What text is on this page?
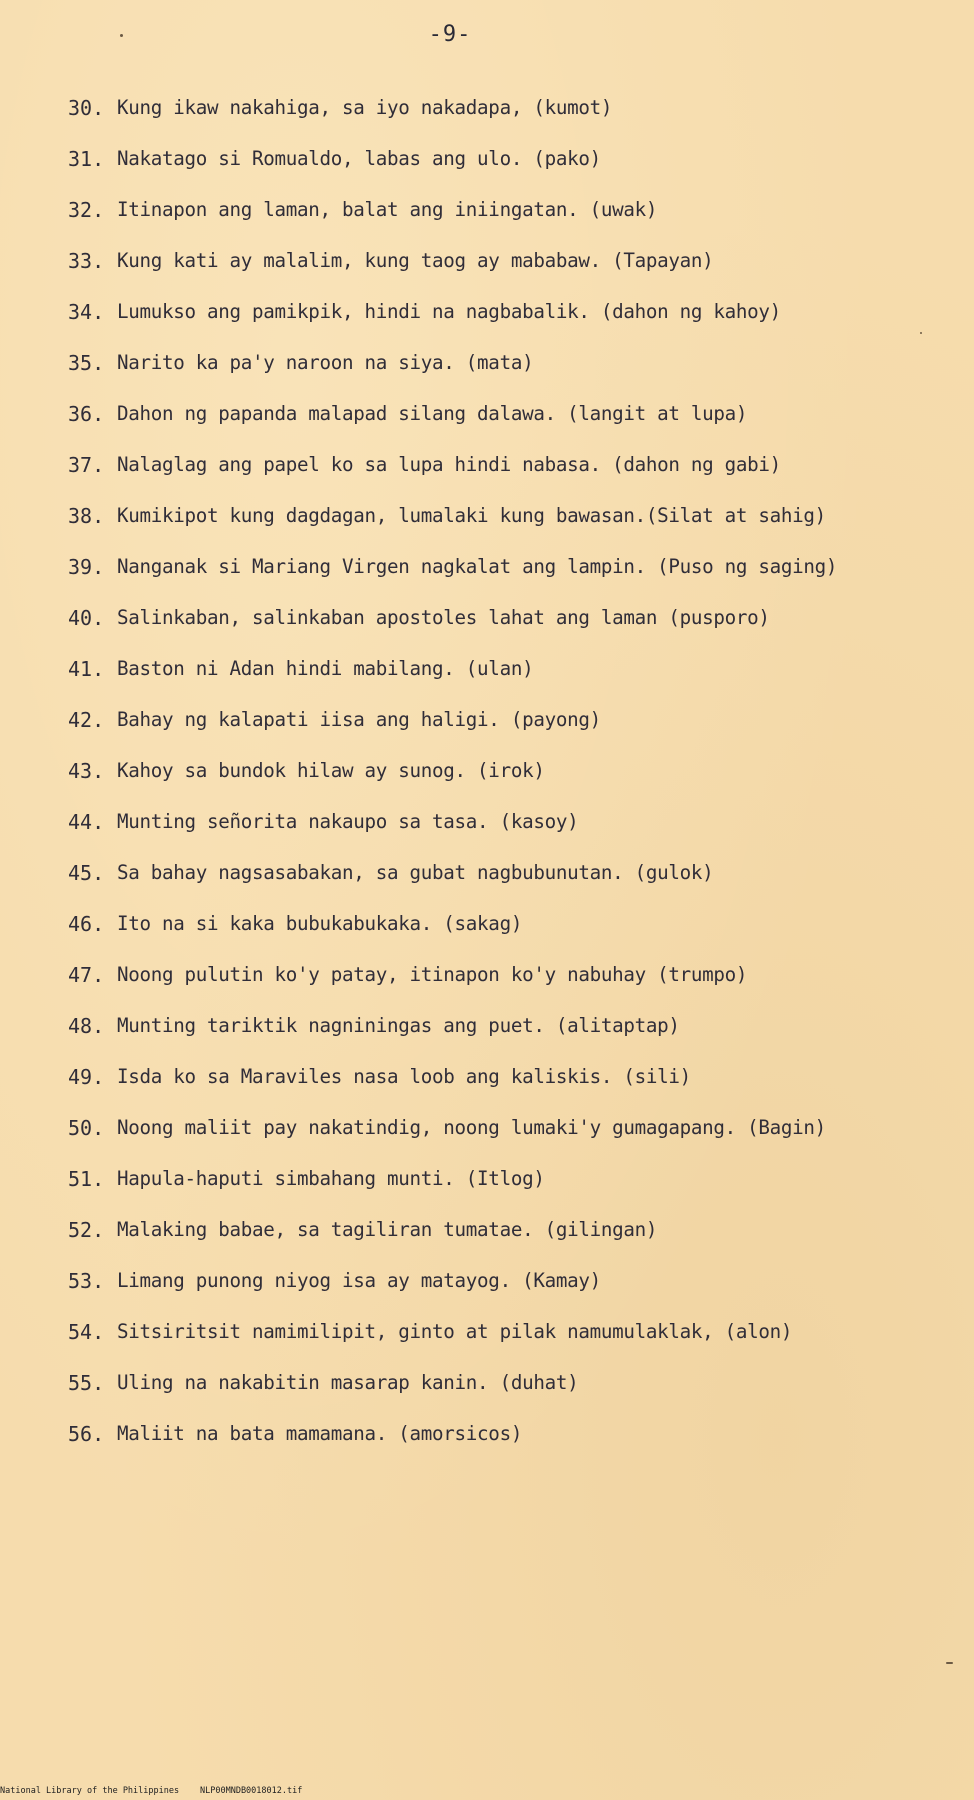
-9-
30. Kung ikaw nakahiga, sa iyo nakadapa, (kumot)
31. Nakatago si Romualdo, labas ang ulo. (pako)
32. Itinapon ang laman, balat ang iniingatan. (uwak)
33. Kung kati ay malalim, kung taog ay mababaw. (Tapayan)
34. Lumukso ang pamikpik, hindi na nagbabalik. (dahon ng kahoy)
35. Narito ka pa'y naroon na siya. (mata)
36. Dahon ng papanda malapad silang dalawa. (langit at lupa)
37. Nalaglag ang papel ko sa lupa hindi nabasa. (dahon ng gabi)
38. Kumikipot kung dagdagan, lumalaki kung bawasan.(Silat at sahig)
39. Nanganak si Mariang Virgen nagkalat ang lampin. (Puso ng saging)
40. Salinkaban, salinkaban apostoles lahat ang laman (pusporo)
41. Baston ni Adan hindi mabilang. (ulan)
42. Bahay ng kalapati iisa ang haligi. (payong)
43. Kahoy sa bundok hilaw ay sunog. (irok)
44. Munting señorita nakaupo sa tasa. (kasoy)
45. Sa bahay nagsasabakan, sa gubat nagbubunutan. (gulok)
46. Ito na si kaka bubukabukaka. (sakag)
47. Noong pulutin ko'y patay, itinapon ko'y nabuhay (trumpo)
48. Munting tariktik nagniningas ang puet. (alitaptap)
49. Isda ko sa Maraviles nasa loob ang kaliskis. (sili)
50. Noong maliit pay nakatindig, noong lumaki'y gumagapang. (Bagin)
51. Hapula-haputi simbahang munti. (Itlog)
52. Malaking babae, sa tagiliran tumatae. (gilingan)
53. Limang punong niyog isa ay matayog. (Kamay)
54. Sitsiritsit namimilipit, ginto at pilak namumulaklak, (alon)
55. Uling na nakabitin masarap kanin. (duhat)
56. Maliit na bata mamamana. (amorsicos)
National Library of the Philippines NLP00MNDB0018012.tif
